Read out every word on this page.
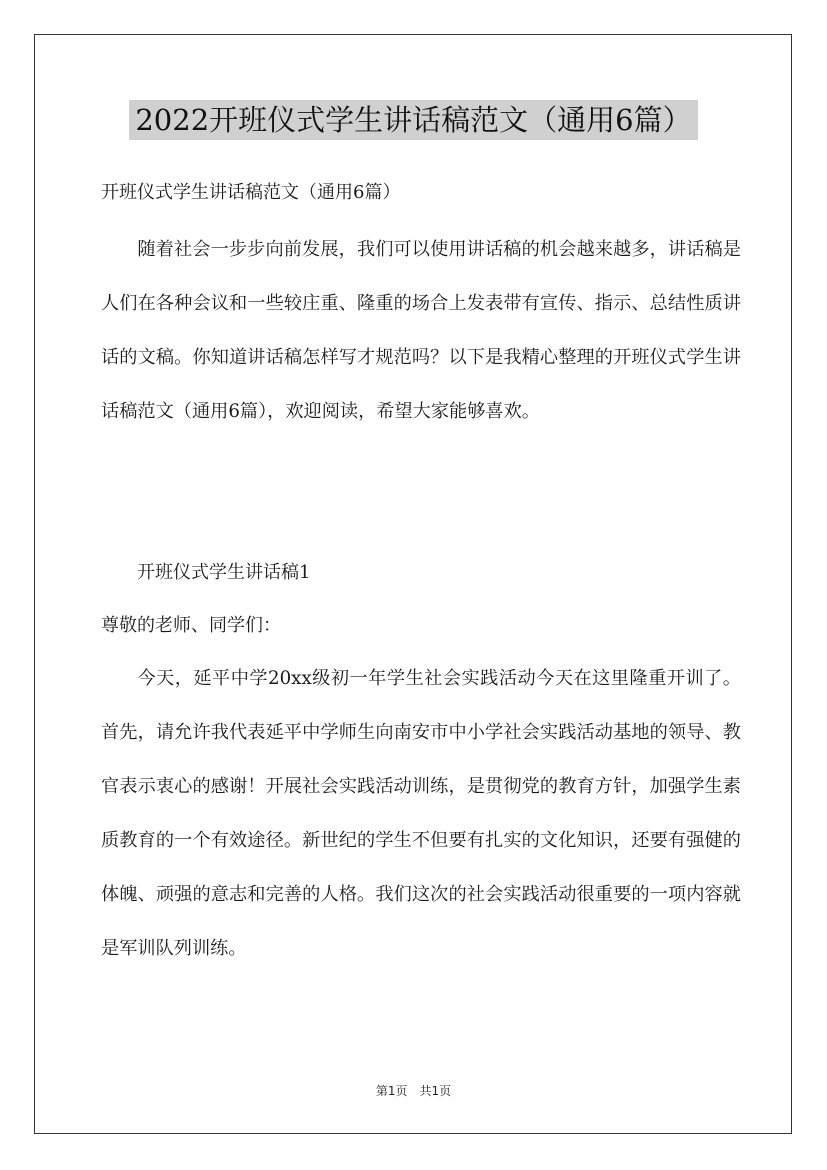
2022开班仪式学生讲话稿范文（通用6篇）
开班仪式学生讲话稿范文（通用6篇）

随着社会一步步向前发展，我们可以使用讲话稿的机会越来越多，讲话稿是人们在各种会议和一些较庄重、隆重的场合上发表带有宣传、指示、总结性质讲话的文稿。你知道讲话稿怎样写才规范吗？以下是我精心整理的开班仪式学生讲话稿范文（通用6篇），欢迎阅读，希望大家能够喜欢。

开班仪式学生讲话稿1
尊敬的老师、同学们：

今天，延平中学20xx级初一年学生社会实践活动今天在这里隆重开训了。首先，请允许我代表延平中学师生向南安市中小学社会实践活动基地的领导、教官表示衷心的感谢！开展社会实践活动训练，是贯彻党的教育方针，加强学生素质教育的一个有效途径。新世纪的学生不但要有扎实的文化知识，还要有强健的体魄、顽强的意志和完善的人格。我们这次的社会实践活动很重要的一项内容就是军训队列训练。

第1页　共1页
